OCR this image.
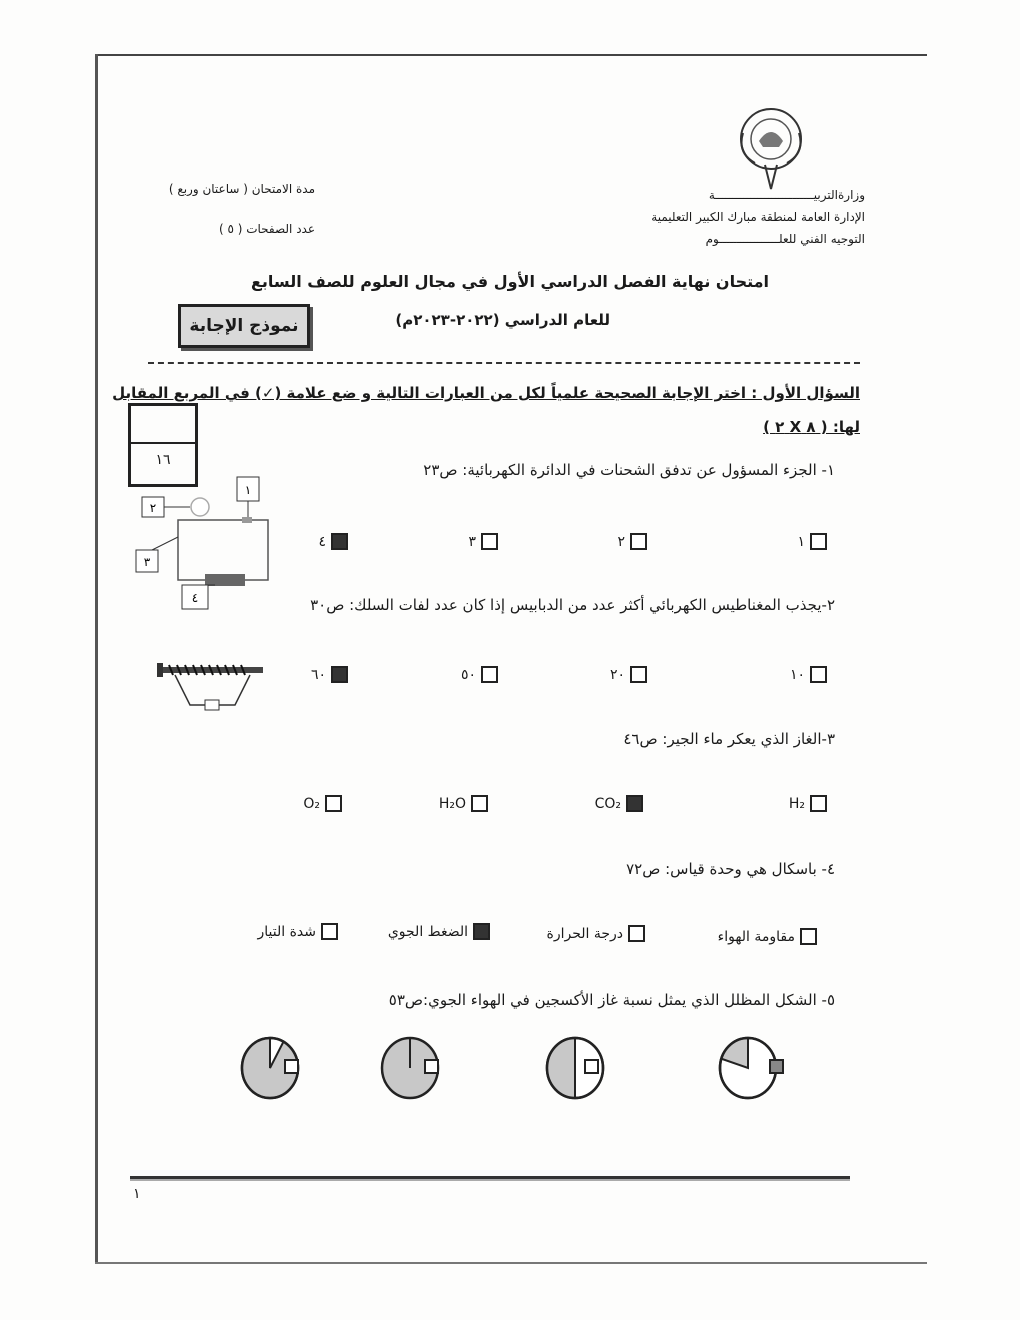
وزارةالتربيــــــــــــــــــــــــــــة
الإدارة العامة لمنطقة مبارك الكبير التعليمية
التوجيه الفني للعلـــــــــــــــــوم
مدة الامتحان ( ساعتان وربع )
عدد الصفحات ( ٥ )
امتحان نهاية الفصل الدراسي الأول في مجال العلوم للصف السابع
للعام الدراسي (٢٠٢٢-٢٠٢٣م)
نموذج الإجابة
السؤال الأول : اختر الإجابة الصحيحة علمياً لكل من العبارات التالية و ضع علامة (✓) في المربع المقابل
لها: ( ٨ X ٢ )
١٦
٢
١
٣
٤
١- الجزء المسؤول عن تدفق الشحنات في الدائرة الكهربائية: ص٢٣
٢-يجذب المغناطيس الكهربائي أكثر عدد من الدبابيس إذا كان عدد لفات السلك: ص٣٠
٣-الغاز الذي يعكر ماء الجير: ص٤٦
٤- باسكال هي وحدة قياس: ص٧٢
٥- الشكل المظلل الذي يمثل نسبة غاز الأكسجين في الهواء الجوي:ص٥٣
١
٢
٣
٤
١٠
٢٠
٥٠
٦٠
H₂
CO₂
H₂O
O₂
مقاومة الهواء
درجة الحرارة
الضغط الجوي
شدة التيار
١
